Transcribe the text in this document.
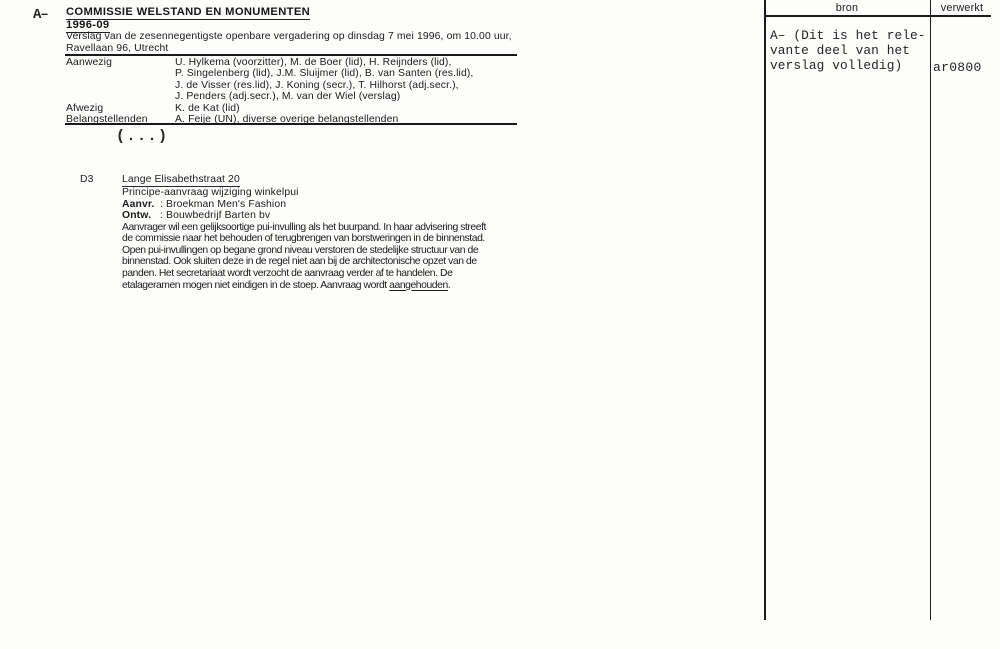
A– COMMISSIE WELSTAND EN MONUMENTEN
1996-09
Verslag van de zesennegentigste openbare vergadering op dinsdag 7 mei 1996, om 10.00 uur,
Ravellaan 96, Utrecht
Aanwezig	U. Hylkema (voorzitter), M. de Boer (lid), H. Reijnders (lid),
P. Singelenberg (lid), J.M. Sluijmer (lid), B. van Santen (res.lid),
J. de Visser (res.lid), J. Koning (secr.), T. Hilhorst (adj.secr.),
J. Penders (adj.secr.), M. van der Wiel (verslag)
Afwezig	K. de Kat (lid)
Belangstellenden	A. Feije (UN), diverse overige belangstellenden
(...)
D3	Lange Elisabethstraat 20
Principe-aanvraag wijziging winkelpui
Aanvr. : Broekman Men's Fashion
Ontw. : Bouwbedrijf Barten bv
Aanvrager wil een gelijksoortige pui-invulling als het buurpand. In haar advisering streeft
de commissie naar het behouden of terugbrengen van borstweringen in de binnenstad.
Open pui-invullingen op begane grond niveau verstoren de stedelijke structuur van de
binnenstad. Ook sluiten deze in de regel niet aan bij de architectonische opzet van de
panden. Het secretariaat wordt verzocht de aanvraag verder af te handelen. De
etalageramen mogen niet eindigen in de stoep. Aanvraag wordt aangehouden.
bron	verwerkt
A– (Dit is het rele-
vante deel van het
verslag volledig)	ar0800
